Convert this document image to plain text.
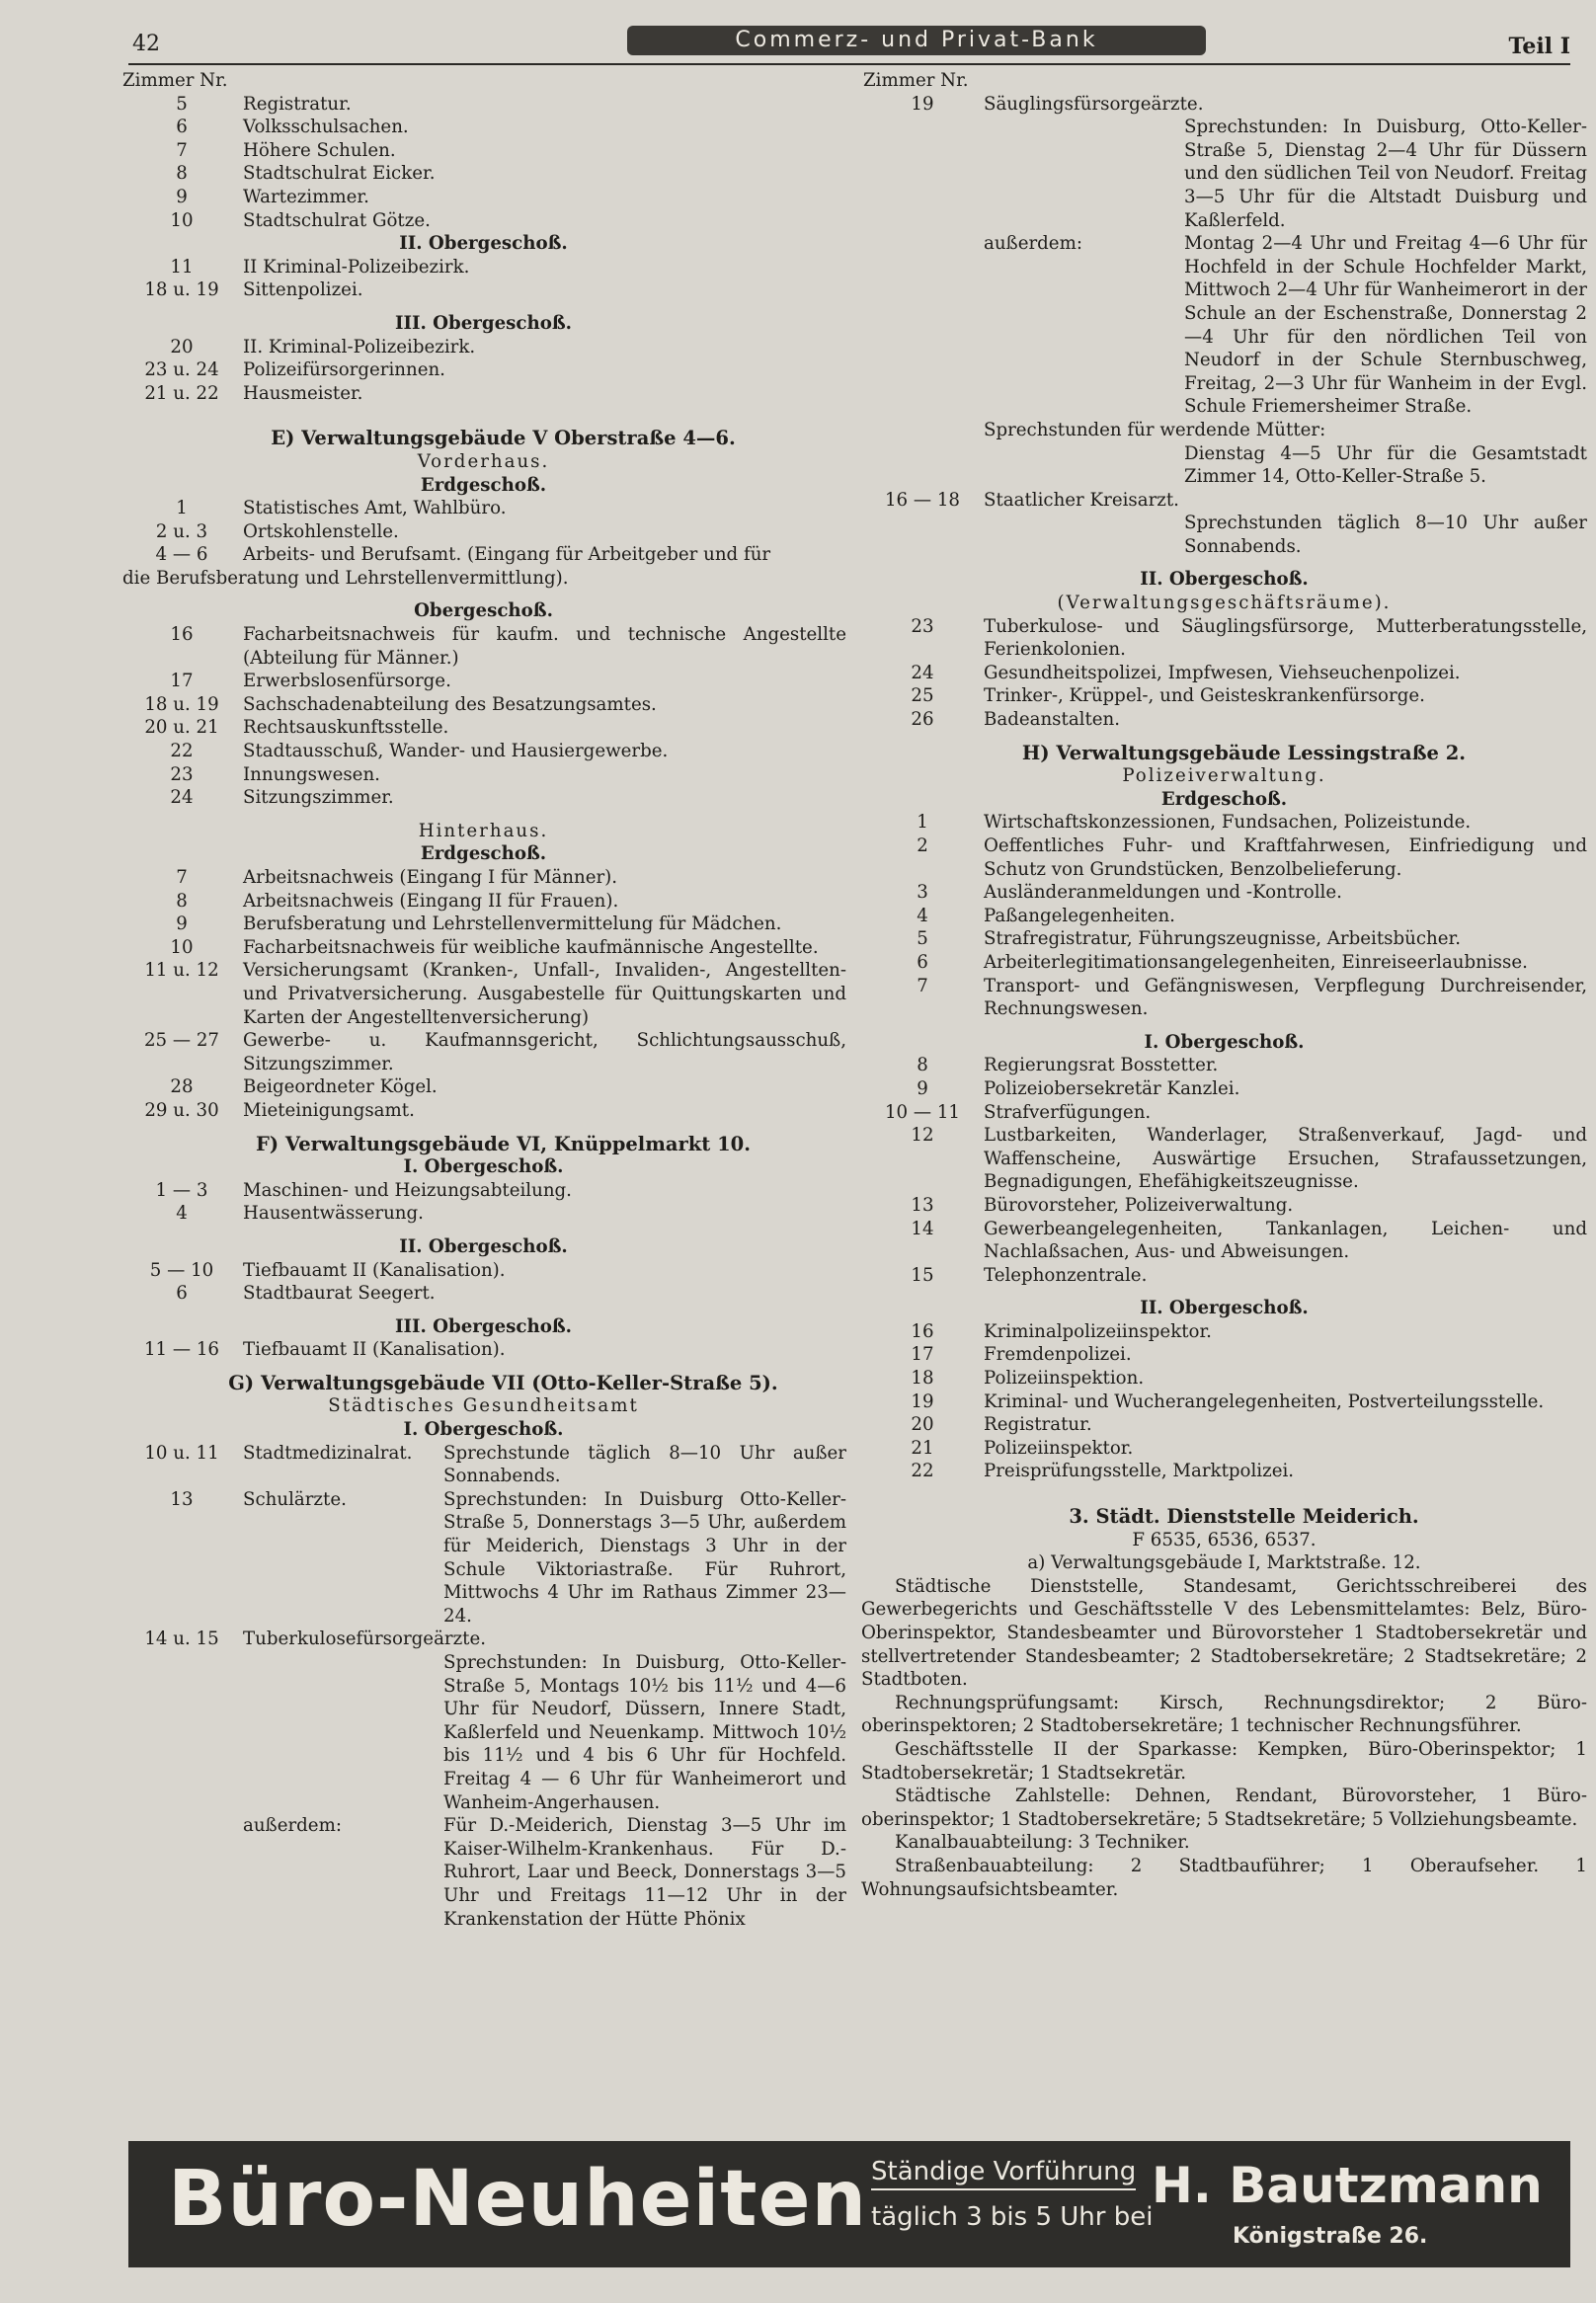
42	Commerz- und Privat-Bank	Teil I
Zimmer Nr.
5	Registratur.
6	Volksschulsachen.
7	Höhere Schulen.
8	Stadtschulrat Eicker.
9	Wartezimmer.
10	Stadtschulrat Götze.
II. Obergeschoß.
11	II Kriminal-Polizeibezirk.
18 u. 19	Sittenpolizei.
III. Obergeschoß.
20	II. Kriminal-Polizeibezirk.
23 u. 24	Polizeifürsorgerinnen.
21 u. 22	Hausmeister.
E) Verwaltungsgebäude V Oberstraße 4—6.
Vorderhaus.
Erdgeschoß.
1	Statistisches Amt, Wahlbüro.
2 u. 3	Ortskohlenstelle.
4 — 6	Arbeits- und Berufsamt. (Eingang für Arbeitgeber und für
die Berufsberatung und Lehrstellenvermittlung).
Obergeschoß.
16	Facharbeitsnachweis für kaufm. und technische Angestellte (Abteilung für Männer.)
17	Erwerbslosenfürsorge.
18 u. 19	Sachschadenabteilung des Besatzungsamtes.
20 u. 21	Rechtsauskunftsstelle.
22	Stadtausschuß, Wander- und Hausiergewerbe.
23	Innungswesen.
24	Sitzungszimmer.
Hinterhaus.
Erdgeschoß.
7	Arbeitsnachweis (Eingang I für Männer).
8	Arbeitsnachweis (Eingang II für Frauen).
9	Berufsberatung und Lehrstellenvermittelung für Mädchen.
10	Facharbeitsnachweis für weibliche kaufmännische Angestellte.
11 u. 12	Versicherungsamt (Kranken-, Unfall-, Invaliden-, Angestellten- und Privatversicherung. Ausgabestelle für Quittungskarten und Karten der Angestelltenversicherung)
25 — 27	Gewerbe- u. Kaufmannsgericht, Schlichtungsausschuß, Sitzungszimmer.
28	Beigeordneter Kögel.
29 u. 30	Mieteinigungsamt.
F) Verwaltungsgebäude VI, Knüppelmarkt 10.
I. Obergeschoß.
1 — 3	Maschinen- und Heizungsabteilung.
4	Hausentwässerung.
II. Obergeschoß.
5 — 10	Tiefbauamt II (Kanalisation).
6	Stadtbaurat Seegert.
III. Obergeschoß.
11 — 16	Tiefbauamt II (Kanalisation).
G) Verwaltungsgebäude VII (Otto-Keller-Straße 5).
Städtisches Gesundheitsamt
I. Obergeschoß.
10 u. 11	Stadtmedizinalrat.	Sprechstunde täglich 8—10 Uhr außer Sonnabends.
13	Schulärzte.	Sprechstunden: In Duisburg Otto-Keller-Straße 5, Donnerstags 3—5 Uhr, außerdem für Meiderich, Dienstags 3 Uhr in der Schule Viktoriastraße. Für Ruhrort, Mittwochs 4 Uhr im Rathaus Zimmer 23—24.
14 u. 15	Tuberkulosefürsorgeärzte.
Sprechstunden: In Duisburg, Otto-Keller-Straße 5, Montags 10½ bis 11½ und 4—6 Uhr für Neudorf, Düssern, Innere Stadt, Kaßlerfeld und Neuenkamp. Mittwoch 10½ bis 11½ und 4 bis 6 Uhr für Hochfeld. Freitag 4 — 6 Uhr für Wanheimerort und Wanheim-Angerhausen.
außerdem:	Für D.-Meiderich, Dienstag 3—5 Uhr im Kaiser-Wilhelm-Krankenhaus. Für D.-Ruhrort, Laar und Beeck, Donnerstags 3—5 Uhr und Freitags 11—12 Uhr in der Krankenstation der Hütte Phönix
Zimmer Nr.
19	Säuglingsfürsorgeärzte.
Sprechstunden: In Duisburg, Otto-Keller-Straße 5, Dienstag 2—4 Uhr für Düssern und den südlichen Teil von Neudorf. Freitag 3—5 Uhr für die Altstadt Duisburg und Kaßlerfeld.
außerdem:	Montag 2—4 Uhr und Freitag 4—6 Uhr für Hochfeld in der Schule Hochfelder Markt, Mittwoch 2—4 Uhr für Wanheimerort in der Schule an der Eschenstraße, Donnerstag 2—4 Uhr für den nördlichen Teil von Neudorf in der Schule Sternbuschweg, Freitag, 2—3 Uhr für Wanheim in der Evgl. Schule Friemersheimer Straße.
Sprechstunden für werdende Mütter:
Dienstag 4—5 Uhr für die Gesamtstadt Zimmer 14, Otto-Keller-Straße 5.
16 — 18	Staatlicher Kreisarzt.
Sprechstunden täglich 8—10 Uhr außer Sonnabends.
II. Obergeschoß.
(Verwaltungsgeschäftsräume).
23	Tuberkulose- und Säuglingsfürsorge, Mutterberatungsstelle, Ferienkolonien.
24	Gesundheitspolizei, Impfwesen, Viehseuchenpolizei.
25	Trinker-, Krüppel-, und Geisteskrankenfürsorge.
26	Badeanstalten.
H) Verwaltungsgebäude Lessingstraße 2.
Polizeiverwaltung.
Erdgeschoß.
1	Wirtschaftskonzessionen, Fundsachen, Polizeistunde.
2	Oeffentliches Fuhr- und Kraftfahrwesen, Einfriedigung und Schutz von Grundstücken, Benzolbelieferung.
3	Ausländeranmeldungen und -Kontrolle.
4	Paßangelegenheiten.
5	Strafregistratur, Führungszeugnisse, Arbeitsbücher.
6	Arbeiterlegitimationsangelegenheiten, Einreiseerlaubnisse.
7	Transport- und Gefängniswesen, Verpflegung Durchreisender, Rechnungswesen.
I. Obergeschoß.
8	Regierungsrat Bosstetter.
9	Polizeiobersekretär Kanzlei.
10 — 11	Strafverfügungen.
12	Lustbarkeiten, Wanderlager, Straßenverkauf, Jagd- und Waffenscheine, Auswärtige Ersuchen, Strafaussetzungen, Begnadigungen, Ehefähigkeitszeugnisse.
13	Bürovorsteher, Polizeiverwaltung.
14	Gewerbeangelegenheiten, Tankanlagen, Leichen- und Nachlaßsachen, Aus- und Abweisungen.
15	Telephonzentrale.
II. Obergeschoß.
16	Kriminalpolizeiinspektor.
17	Fremdenpolizei.
18	Polizeiinspektion.
19	Kriminal- und Wucherangelegenheiten, Postverteilungsstelle.
20	Registratur.
21	Polizeiinspektor.
22	Preisprüfungsstelle, Marktpolizei.
3. Städt. Dienststelle Meiderich.
F 6535, 6536, 6537.
a) Verwaltungsgebäude I, Marktstraße. 12.
Städtische Dienststelle, Standesamt, Gerichtsschreiberei des Gewerbegerichts und Geschäftsstelle V des Lebensmittelamtes: Belz, Büro-Oberinspektor, Standesbeamter und Bürovorsteher 1 Stadtobersekretär und stellvertretender Standesbeamter; 2 Stadtobersekretäre; 2 Stadtsekretäre; 2 Stadtboten.
Rechnungsprüfungsamt: Kirsch, Rechnungsdirektor; 2 Büro-oberinspektoren; 2 Stadtobersekretäre; 1 technischer Rechnungsführer.
Geschäftsstelle II der Sparkasse: Kempken, Büro-Oberinspektor; 1 Stadtobersekretär; 1 Stadtsekretär.
Städtische Zahlstelle: Dehnen, Rendant, Bürovorsteher, 1 Büro-oberinspektor; 1 Stadtobersekretäre; 5 Stadtsekretäre; 5 Vollziehungsbeamte.
Kanalbauabteilung: 3 Techniker.
Straßenbauabteilung: 2 Stadtbauführer; 1 Oberaufseher. 1 Wohnungsaufsichtsbeamter.
Büro-Neuheiten Ständige Vorführung
täglich 3 bis 5 Uhr bei
H. Bautzmann
Königstraße 26.
